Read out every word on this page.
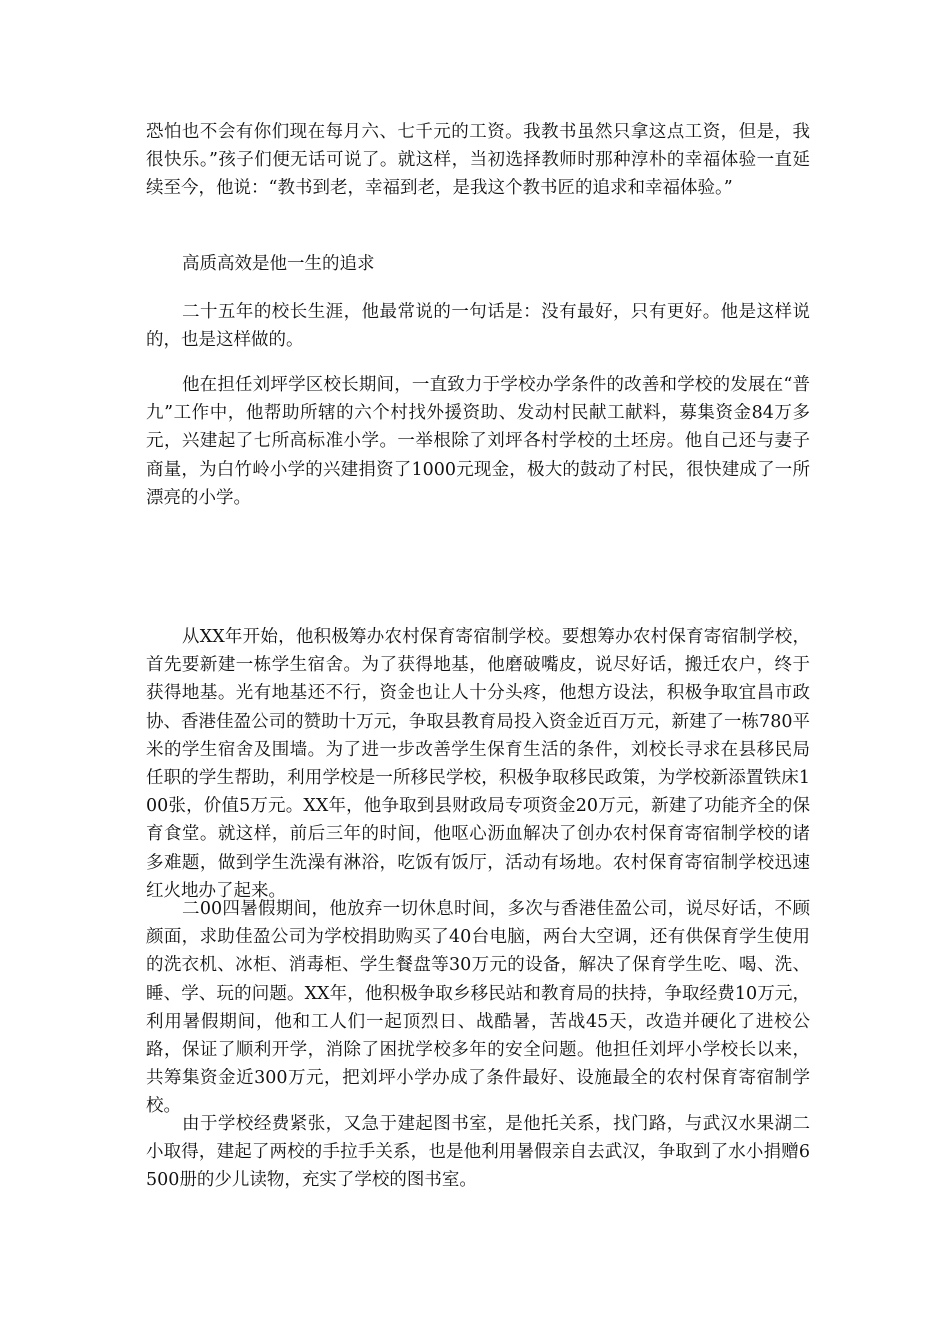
恐怕也不会有你们现在每月六、七千元的工资。我教书虽然只拿这点工资，但是，我很快乐。”孩子们便无话可说了。就这样，当初选择教师时那种淳朴的幸福体验一直延续至今，他说：“教书到老，幸福到老，是我这个教书匠的追求和幸福体验。”

高质高效是他一生的追求

二十五年的校长生涯，他最常说的一句话是：没有最好，只有更好。他是这样说的，也是这样做的。

他在担任刘坪学区校长期间，一直致力于学校办学条件的改善和学校的发展在“普九”工作中，他帮助所辖的六个村找外援资助、发动村民献工献料，募集资金84万多元，兴建起了七所高标准小学。一举根除了刘坪各村学校的土坯房。他自己还与妻子商量，为白竹岭小学的兴建捐资了1000元现金，极大的鼓动了村民，很快建成了一所漂亮的小学。

从XX年开始，他积极筹办农村保育寄宿制学校。要想筹办农村保育寄宿制学校，首先要新建一栋学生宿舍。为了获得地基，他磨破嘴皮，说尽好话，搬迁农户，终于获得地基。光有地基还不行，资金也让人十分头疼，他想方设法，积极争取宜昌市政协、香港佳盈公司的赞助十万元，争取县教育局投入资金近百万元，新建了一栋780平米的学生宿舍及围墙。为了进一步改善学生保育生活的条件，刘校长寻求在县移民局任职的学生帮助，利用学校是一所移民学校，积极争取移民政策，为学校新添置铁床100张，价值5万元。XX年，他争取到县财政局专项资金20万元，新建了功能齐全的保育食堂。就这样，前后三年的时间，他呕心沥血解决了创办农村保育寄宿制学校的诸多难题，做到学生洗澡有淋浴，吃饭有饭厅，活动有场地。农村保育寄宿制学校迅速红火地办了起来。

二00四暑假期间，他放弃一切休息时间，多次与香港佳盈公司，说尽好话，不顾颜面，求助佳盈公司为学校捐助购买了40台电脑，两台大空调，还有供保育学生使用的洗衣机、冰柜、消毒柜、学生餐盘等30万元的设备，解决了保育学生吃、喝、洗、睡、学、玩的问题。XX年，他积极争取乡移民站和教育局的扶持，争取经费10万元，利用暑假期间，他和工人们一起顶烈日、战酷暑，苦战45天，改造并硬化了进校公路，保证了顺利开学，消除了困扰学校多年的安全问题。他担任刘坪小学校长以来，共筹集资金近300万元，把刘坪小学办成了条件最好、设施最全的农村保育寄宿制学校。

由于学校经费紧张，又急于建起图书室，是他托关系，找门路，与武汉水果湖二小取得，建起了两校的手拉手关系，也是他利用暑假亲自去武汉，争取到了水小捐赠6500册的少儿读物，充实了学校的图书室。
